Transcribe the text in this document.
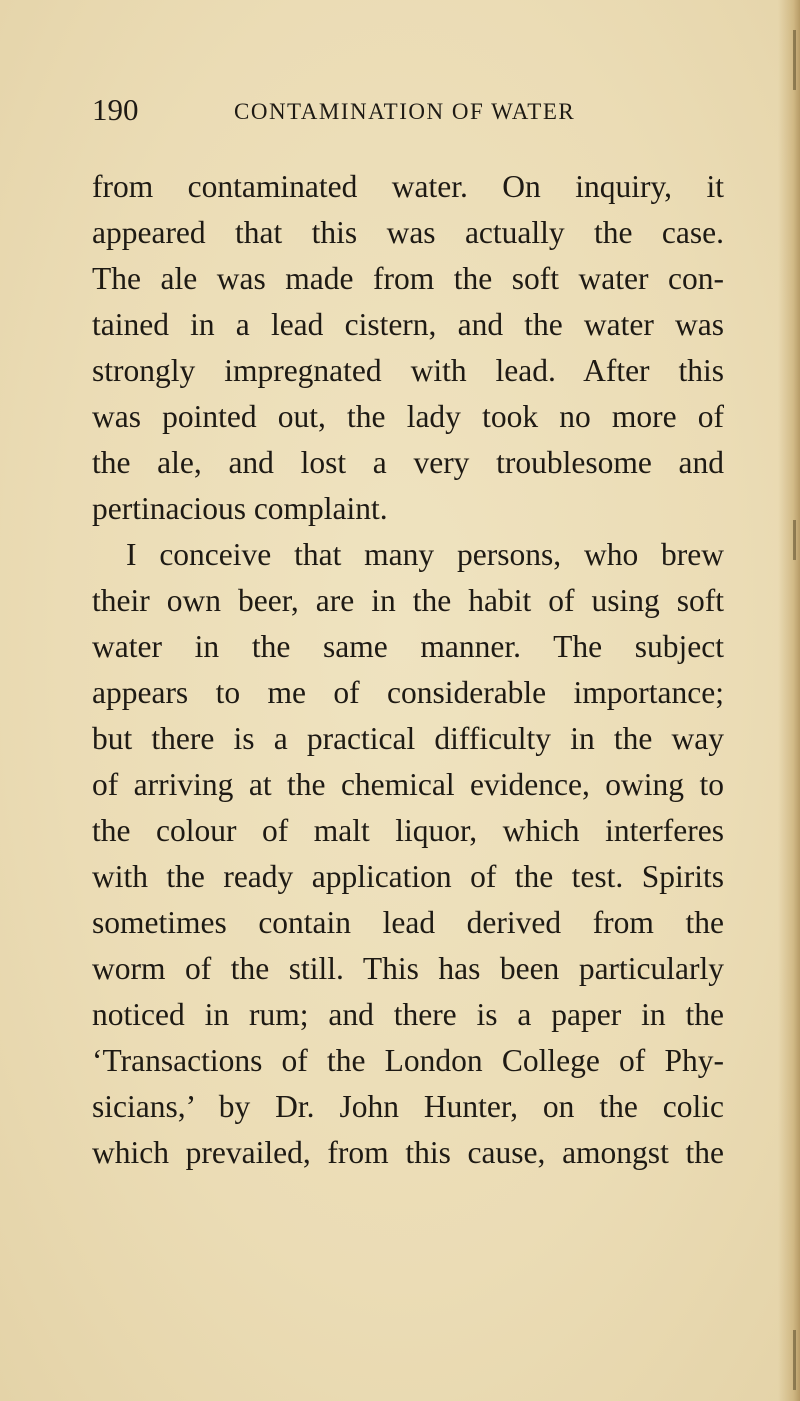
190	CONTAMINATION OF WATER
from contaminated water. On inquiry, it
appeared that this was actually the case.
The ale was made from the soft water con-
tained in a lead cistern, and the water was
strongly impregnated with lead. After this
was pointed out, the lady took no more of
the ale, and lost a very troublesome and
pertinacious complaint.
I conceive that many persons, who brew
their own beer, are in the habit of using soft
water in the same manner. The subject
appears to me of considerable importance;
but there is a practical difficulty in the way
of arriving at the chemical evidence, owing to
the colour of malt liquor, which interferes
with the ready application of the test. Spirits
sometimes contain lead derived from the
worm of the still. This has been particularly
noticed in rum; and there is a paper in the
‘Transactions of the London College of Phy-
sicians,’ by Dr. John Hunter, on the colic
which prevailed, from this cause, amongst the
